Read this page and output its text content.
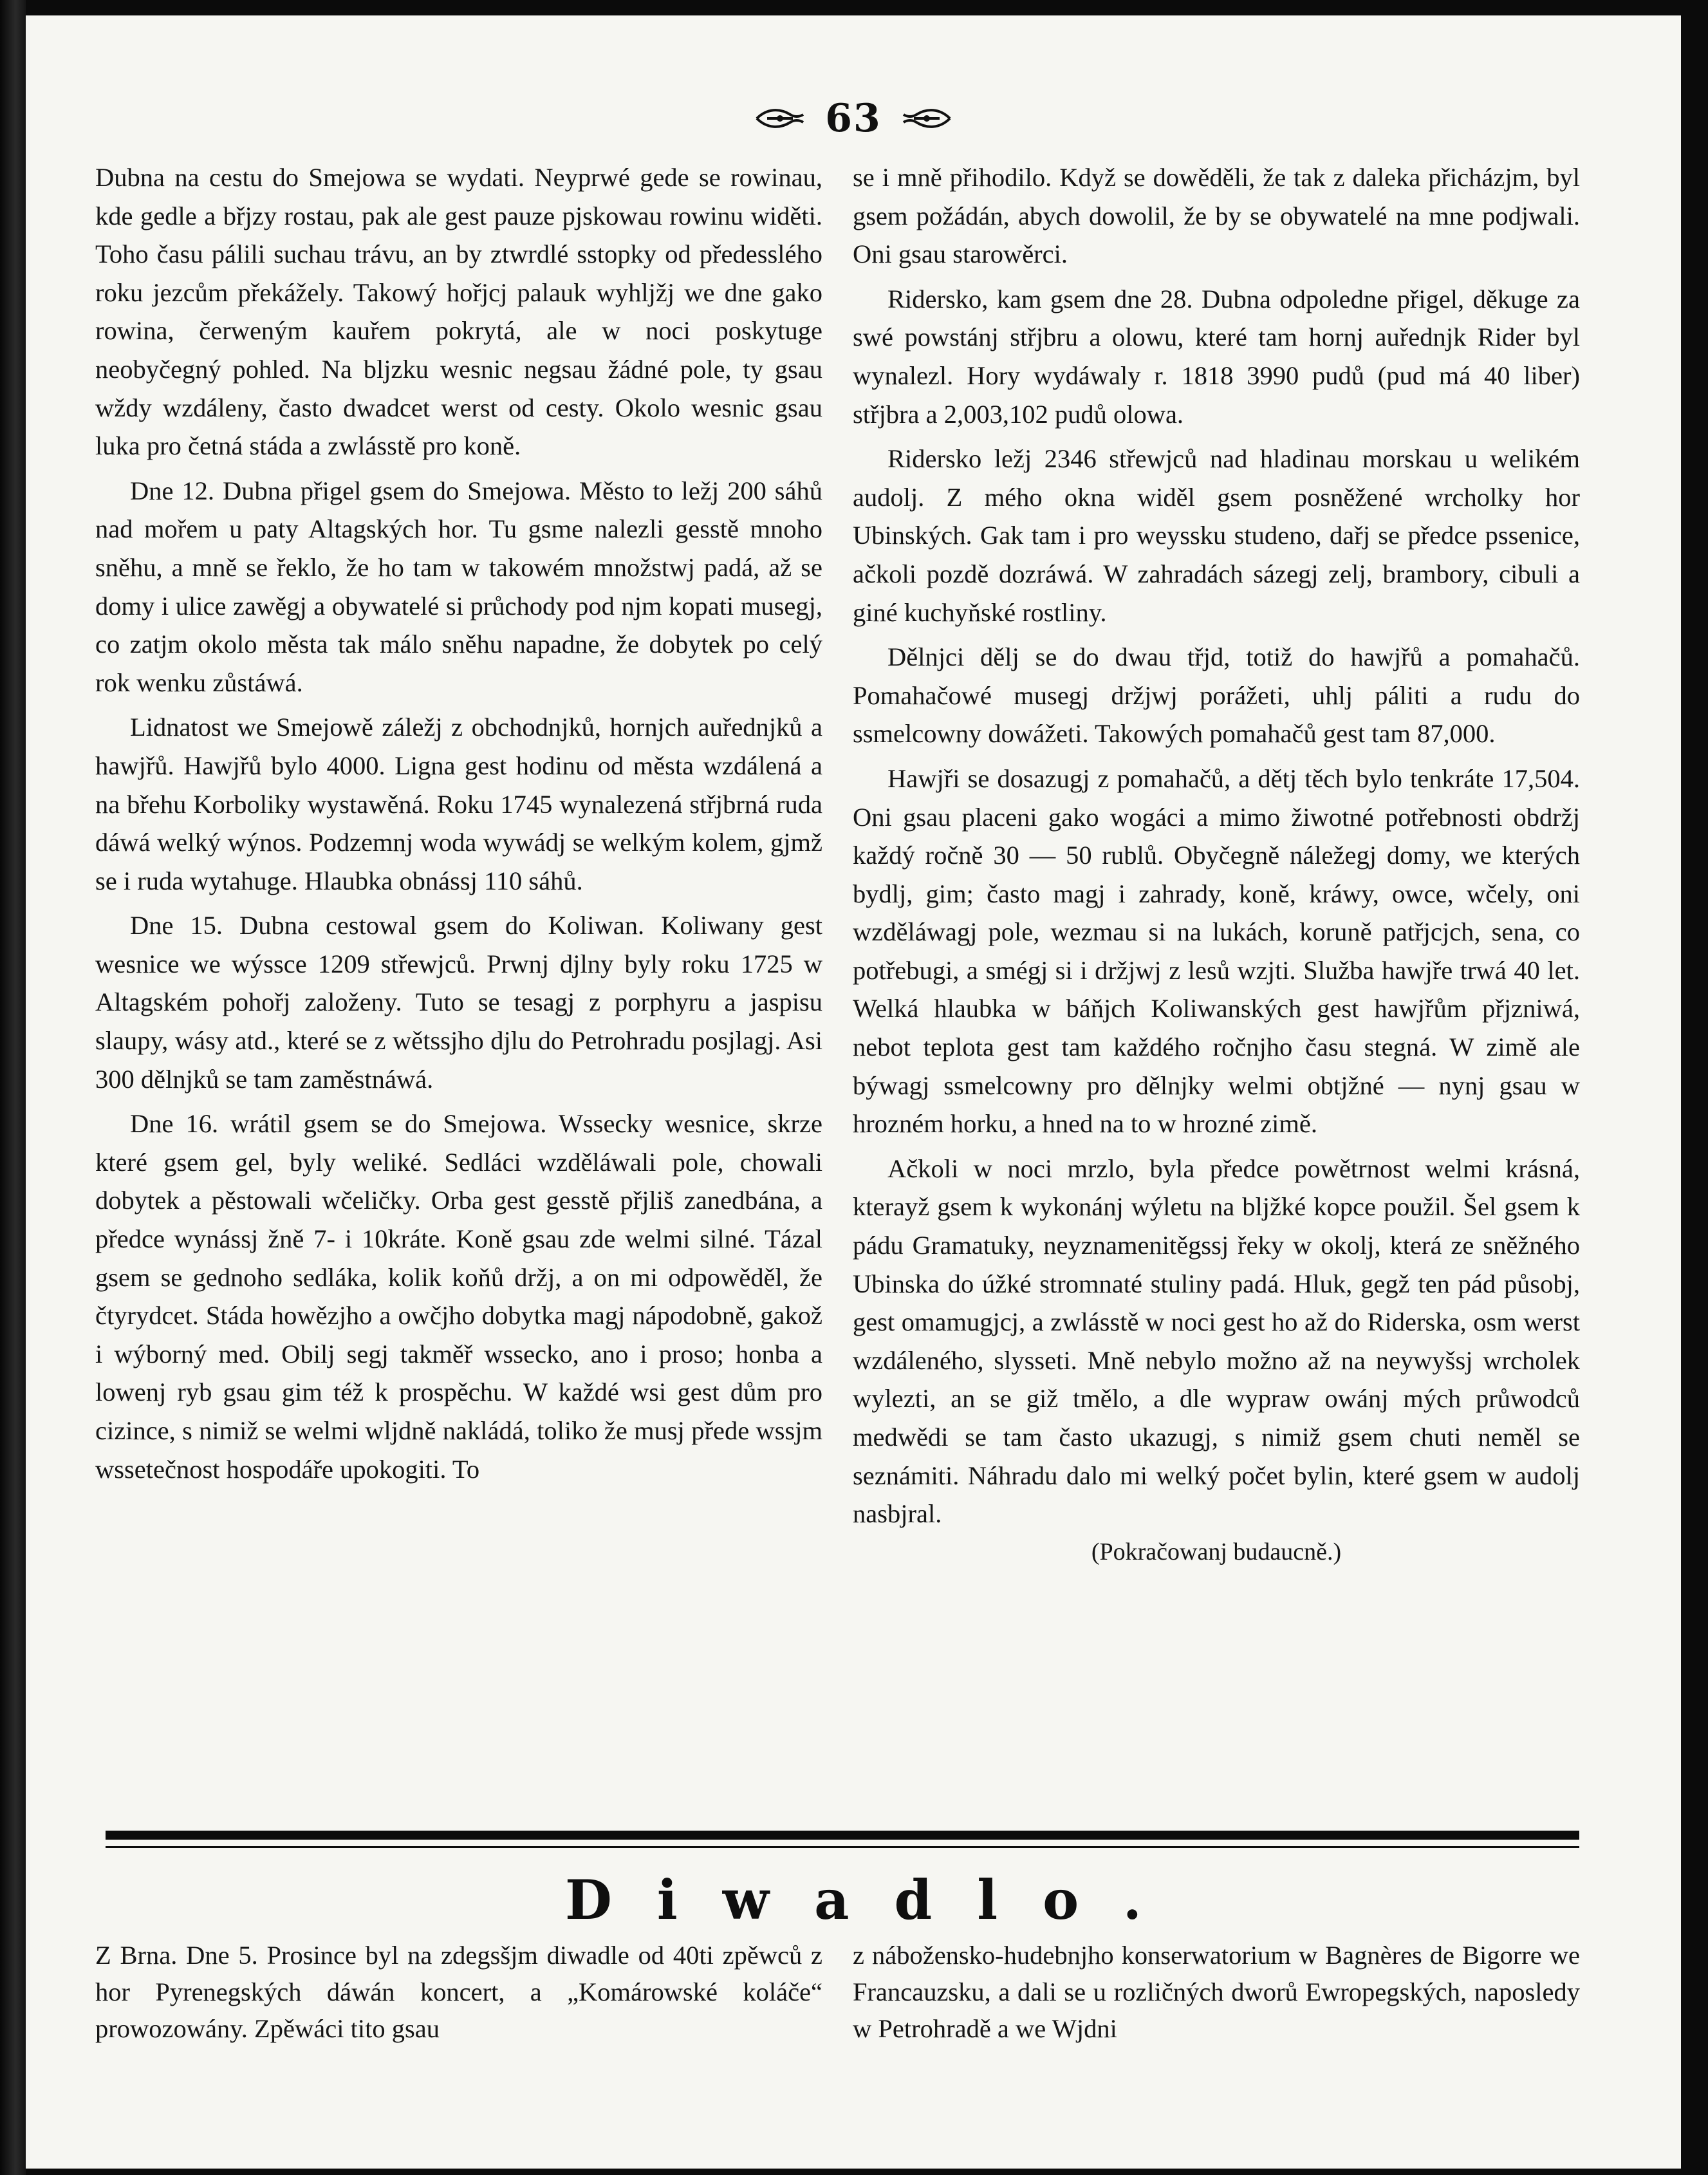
63

Dubna na cestu do Smejowa se wydati. Neyprwé gede se rowinau, kde gedle a břjzy rostau, pak ale gest pauze pjskowau rowinu widěti. Toho času pálili suchau trávu, an by ztwrdlé sstopky od předesslého roku jezcům překážely. Takowý hořjcj palauk wyhljžj we dne gako rowina, čerweným kauřem pokrytá, ale w noci poskytuge neobyčegný pohled. Na bljzku wesnic negsau žádné pole, ty gsau wždy wzdáleny, často dwadcet werst od cesty. Okolo wesnic gsau luka pro četná stáda a zwlásstě pro koně.

Dne 12. Dubna přigel gsem do Smejowa. Město to ležj 200 sáhů nad mořem u paty Altagských hor. Tu gsme nalezli gesstě mnoho sněhu, a mně se řeklo, že ho tam w takowém množstwj padá, až se domy i ulice zawěgj a obywatelé si průchody pod njm kopati musegj, co zatjm okolo města tak málo sněhu napadne, že dobytek po celý rok wenku zůstáwá.

Lidnatost we Smejowě záležj z obchodnjků, hornjch auřednjků a hawjřů. Hawjřů bylo 4000. Ligna gest hodinu od města wzdálená a na břehu Korbolikу wystawěná. Roku 1745 wynalezená střjbrná ruda dáwá welký wýnos. Podzemnj woda wywádj se welkým kolem, gjmž se i ruda wytahuge. Hlaubka obnássj 110 sáhů.

Dne 15. Dubna cestowal gsem do Koliwan. Koliwany gest wesnice we wýssce 1209 střewjců. Prwnj djlny byly roku 1725 w Altagském pohořj založeny. Tuto se tesagj z porphyru a jaspisu slaupy, wásy atd., které se z wětssjho djlu do Petrohradu posjlagj. Asi 300 dělnjků se tam zaměstnáwá.

Dne 16. wrátil gsem se do Smejowa. Wssecky wesnice, skrze které gsem gel, byly weliké. Sedláci wzděláwali pole, chowali dobytek a pěstowali wčeličky. Orba gest gesstě přjliš zanedbána, a předce wynássj žně 7- i 10kráte. Koně gsau zde welmi silné. Tázal gsem se gednoho sedláka, kolik koňů držj, a on mi odpowěděl, že čtyrydcet. Stáda howězjho a owčjho dobytka magj nápodobně, gakož i wýborný med. Obilj segj takměř wssecko, ano i proso; honba a lowenj ryb gsau gim též k prospěchu. W každé wsi gest dům pro cizince, s nimiž se welmi wljdně nakládá, toliko že musj přede wssjm wssetečnost hospodáře upokogiti. To

se i mně přihodilo. Když se dowěděli, že tak z daleka přicházjm, byl gsem požádán, abych dowolil, že by se obywatelé na mne podjwali. Oni gsau starowěrci.

Ridersko, kam gsem dne 28. Dubna odpoledne přigel, děkuge za swé powstánj střjbru a olowu, které tam hornj auřednjk Rider byl wynalezl. Hory wydáwaly r. 1818 3990 pudů (pud má 40 liber) střjbra a 2,003,102 pudů olowa.

Ridersko ležj 2346 střewjců nad hladinau morskau u welikém audolj. Z mého okna widěl gsem posněžené wrcholky hor Ubinských. Gak tam i pro weyssku studeno, dařj se předce pssenice, ačkoli pozdě dozráwá. W zahradách sázegj zelj, brambory, cibuli a giné kuchyňské rostliny.

Dělnjci dělj se do dwau třjd, totiž do hawjřů a pomahačů. Pomahačowé musegj držjwj porážeti, uhlj páliti a rudu do ssmelcowny dowážeti. Takowých pomahačů gest tam 87,000.

Hawjři se dosazugj z pomahačů, a dětj těch bylo tenkráte 17,504. Oni gsau placeni gako wogáci a mimo žiwotné potřebnosti obdržj každý ročně 30 — 50 rublů. Obyčegně náležegj domy, we kterých bydlj, gim; často magj i zahrady, koně, kráwy, owce, wčely, oni wzděláwagj pole, wezmau si na lukách, koruně patřjcjch, sena, co potřebugi, a smégj si i držjwj z lesů wzjti. Služba hawjře trwá 40 let. Welká hlaubka w báňjch Koliwanských gest hawjřům přjznіwá, nebot teplota gest tam každého ročnjho času stegná. W zimě ale býwagj ssmelcowny pro dělnjky welmi obtjžné — nynj gsau w hrozném horku, a hned na to w hrozné zimě.

Ačkoli w noci mrzlo, byla předce powětrnost welmi krásná, kteraуž gsem k wykonánj wýletu na bljžké kopce použil. Šel gsem k pádu Gramatuky, neyznamenitěgssj řeky w okolj, která ze sněžného Ubinska do úžké stromnaté stuliny padá. Hluk, gegž ten pád působj, gest omamugjcj, a zwlásstě w noci gest ho až do Riderska, osm werst wzdáleného, slysseti. Mně nebylo možno až na neywyšsj wrcholek wylezti, an se giž tmělo, a dle wypraw owánj mých průwodců medwědi se tam často ukazugj, s nimiž gsem chuti neměl se seznámiti. Náhradu dalo mi welký počet bylin, které gsem w audolj nasbjral.

(Pokračowanj budaucně.)

Diwadlo.

Z Brna. Dne 5. Prosince byl na zdegsšjm diwadle od 40ti zpěwců z hor Pyrenegských dáwán koncert, a „Komárowské koláče“ prowozowány. Zpěwáci tito gsau

z nábožensko-hudebnjho konserwatorium w Bagnères de Bigorre we Francauzsku, a dali se u rozličných dworů Ewropegských, naposledy w Petrohradě a we Wjdni
